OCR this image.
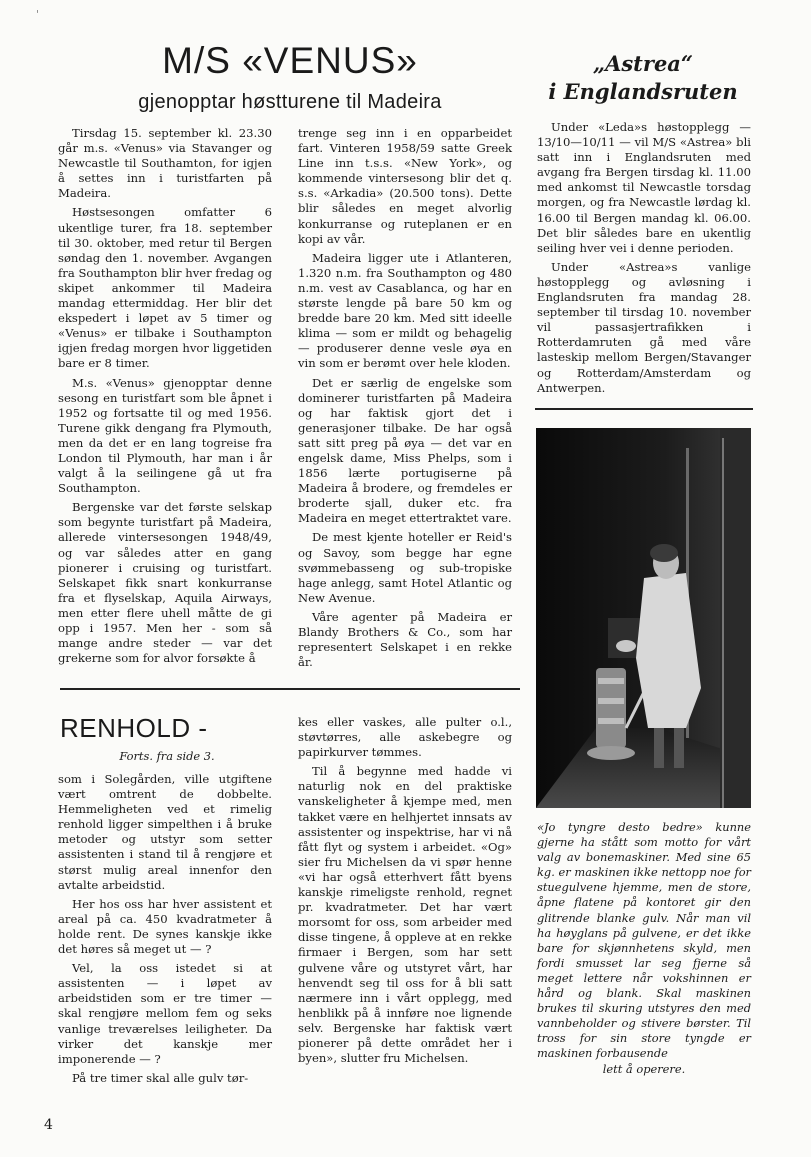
'
M/S «VENUS»
gjenopptar høstturene til Madeira

Tirsdag 15. september kl. 23.30 går m.s. «Venus» via Stavanger og Newcastle til Southamton, for igjen å settes inn i turistfarten på Madeira.

Høstsesongen omfatter 6 ukentlige turer, fra 18. september til 30. oktober, med retur til Bergen søndag den 1. november. Avgangen fra Southampton blir hver fredag og skipet ankommer til Madeira mandag ettermiddag. Her blir det ekspedert i løpet av 5 timer og «Venus» er tilbake i Southampton igjen fredag morgen hvor liggetiden bare er 8 timer.

M.s. «Venus» gjenopptar denne sesong en turistfart som ble åpnet i 1952 og fortsatte til og med 1956. Turene gikk dengang fra Plymouth, men da det er en lang togreise fra London til Plymouth, har man i år valgt å la seilingene gå ut fra Southampton.

Bergenske var det første selskap som begynte turistfart på Madeira, allerede vintersesongen 1948/49, og var således atter en gang pionerer i cruising og turistfart. Selskapet fikk snart konkurranse fra et flyselskap, Aquila Airways, men etter flere uhell måtte de gi opp i 1957. Men her - som så mange andre steder — var det grekerne som for alvor forsøkte å

trenge seg inn i en opparbeidet fart. Vinteren 1958/59 satte Greek Line inn t.s.s. «New York», og kommende vintersesong blir det q. s.s. «Arkadia» (20.500 tons). Dette blir således en meget alvorlig konkurranse og ruteplanen er en kopi av vår.

Madeira ligger ute i Atlanteren, 1.320 n.m. fra Southampton og 480 n.m. vest av Casablanca, og har en største lengde på bare 50 km og bredde bare 20 km. Med sitt ideelle klima — som er mildt og behagelig — produserer denne vesle øya en vin som er berømt over hele kloden.

Det er særlig de engelske som dominerer turistfarten på Madeira og har faktisk gjort det i generasjoner tilbake. De har også satt sitt preg på øya — det var en engelsk dame, Miss Phelps, som i 1856 lærte portugiserne på Madeira å brodere, og fremdeles er broderte sjall, duker etc. fra Madeira en meget ettertraktet vare.

De mest kjente hoteller er Reid's og Savoy, som begge har egne svømmebasseng og sub-tropiske hage anlegg, samt Hotel Atlantic og New Avenue.

Våre agenter på Madeira er Blandy Brothers & Co., som har representert Selskapet i en rekke år.

„Astrea“
i Englandsruten

Under «Leda»s høstopplegg — 13/10—10/11 — vil M/S «Astrea» bli satt inn i Englandsruten med avgang fra Bergen tirsdag kl. 11.00 med ankomst til Newcastle torsdag morgen, og fra Newcastle lørdag kl. 16.00 til Bergen mandag kl. 06.00. Det blir således bare en ukentlig seiling hver vei i denne perioden.

Under «Astrea»s vanlige høstopplegg og avløsning i Englandsruten fra mandag 28. september til tirsdag 10. november vil passasjertrafikken i Rotterdamruten gå med våre lasteskip mellom Bergen/Stavanger og Rotterdam/Amsterdam og Antwerpen.

«Jo tyngre desto bedre» kunne gjerne ha stått som motto for vårt valg av bonemaskiner. Med sine 65 kg. er maskinen ikke nettopp noe for stuegulvene hjemme, men de store, åpne flatene på kontoret gir den glitrende blanke gulv. Når man vil ha høyglans på gulvene, er det ikke bare for skjønnhetens skyld, men fordi smusset lar seg fjerne så meget lettere når vokshinnen er hård og blank. Skal maskinen brukes til skuring utstyres den med vannbeholder og stivere børster. Til tross for sin store tyngde er maskinen forbausende
lett å operere.
RENHOLD -
Forts. fra side 3.

som i Solegården, ville utgiftene vært omtrent de dobbelte. Hemmeligheten ved et rimelig renhold ligger simpelthen i å bruke metoder og utstyr som setter assistenten i stand til å rengjøre et størst mulig areal innenfor den avtalte arbeidstid.

Her hos oss har hver assistent et areal på ca. 450 kvadratmeter å holde rent. De synes kanskje ikke det høres så meget ut — ?

Vel, la oss istedet si at assistenten — i løpet av arbeidstiden som er tre timer — skal rengjøre mellom fem og seks vanlige treværelses leiligheter. Da virker det kanskje mer imponerende — ?

På tre timer skal alle gulv tør-

kes eller vaskes, alle pulter o.l., støvtørres, alle askebegre og papirkurver tømmes.

Til å begynne med hadde vi naturlig nok en del praktiske vanskeligheter å kjempe med, men takket være en helhjertet innsats av assistenter og inspektrise, har vi nå fått flyt og system i arbeidet. «Og» sier fru Michelsen da vi spør henne «vi har også etterhvert fått byens kanskje rimeligste renhold, regnet pr. kvadratmeter. Det har vært morsomt for oss, som arbeider med disse tingene, å oppleve at en rekke firmaer i Bergen, som har sett gulvene våre og utstyret vårt, har henvendt seg til oss for å bli satt nærmere inn i vårt opplegg, med henblikk på å innføre noe lignende selv. Bergenske har faktisk vært pionerer på dette området her i byen», slutter fru Michelsen.

4
